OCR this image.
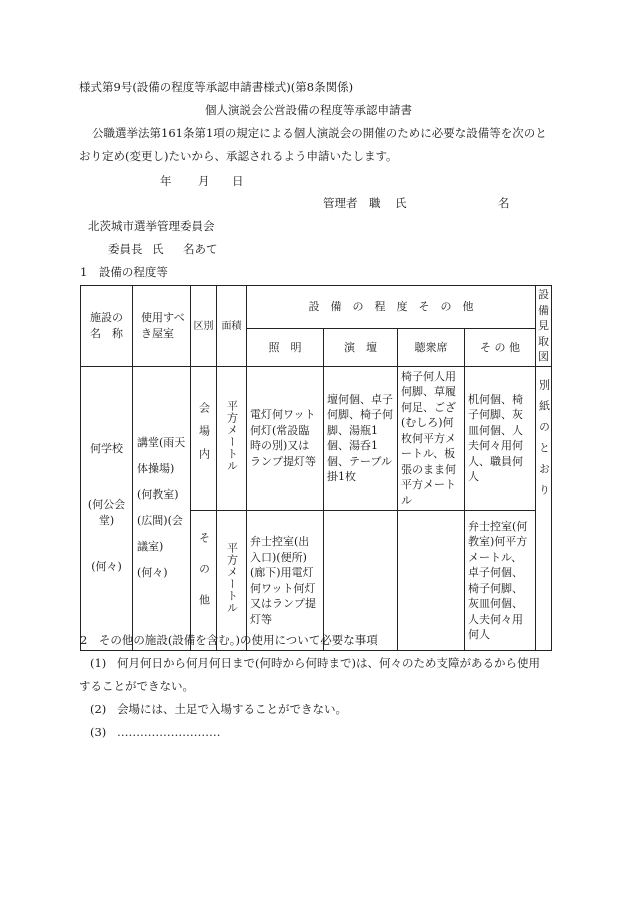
様式第9号(設備の程度等承認申請書様式)(第8条関係)
個人演説会公営設備の程度等承認申請書
公職選挙法第161条第1項の規定による個人演説会の開催のために必要な設備等を次のと
おり定め(変更し)たいから、承認されるよう申請いたします。
年 月 日
管理者 職 氏	名
北茨城市選挙管理委員会
委員長 氏 名あて
1　設備の程度等
施設の名　称	使用すべき屋室	区別	面積	設　備　の　程　度　そ　の　他				設備見取図

				照　明	演　壇	聴衆席	そ の 他	

何学校
(何公会堂)
(何々)	講堂(雨天体操場)(何教室)(広間)(会議室)(何々)	会場内	平方メートル	電灯何ワット何灯(常設臨時の別)又はランプ提灯等	壇何個、卓子何脚、椅子何脚、湯瓶1個、湯呑1個、テーブル掛1枚	椅子何人用何脚、草履何足、ござ(むしろ)何枚何平方メートル、板張のまま何平方メートル	机何個、椅子何脚、灰皿何個、人夫何々用何人、職員何人	別紙のとおり
		その他	平方メートル	弁士控室(出入口)(便所)(廊下)用電灯何ワット何灯又はランプ提灯等			弁士控室(何教室)何平方メートル、卓子何個、椅子何脚、灰皿何個、人夫何々用何人	
2　その他の施設(設備を含む。)の使用について必要な事項
(1) 何月何日から何月何日まで(何時から何時まで)は、何々のため支障があるから使用
することができない。
(2) 会場には、土足で入場することができない。
(3) ………………………
